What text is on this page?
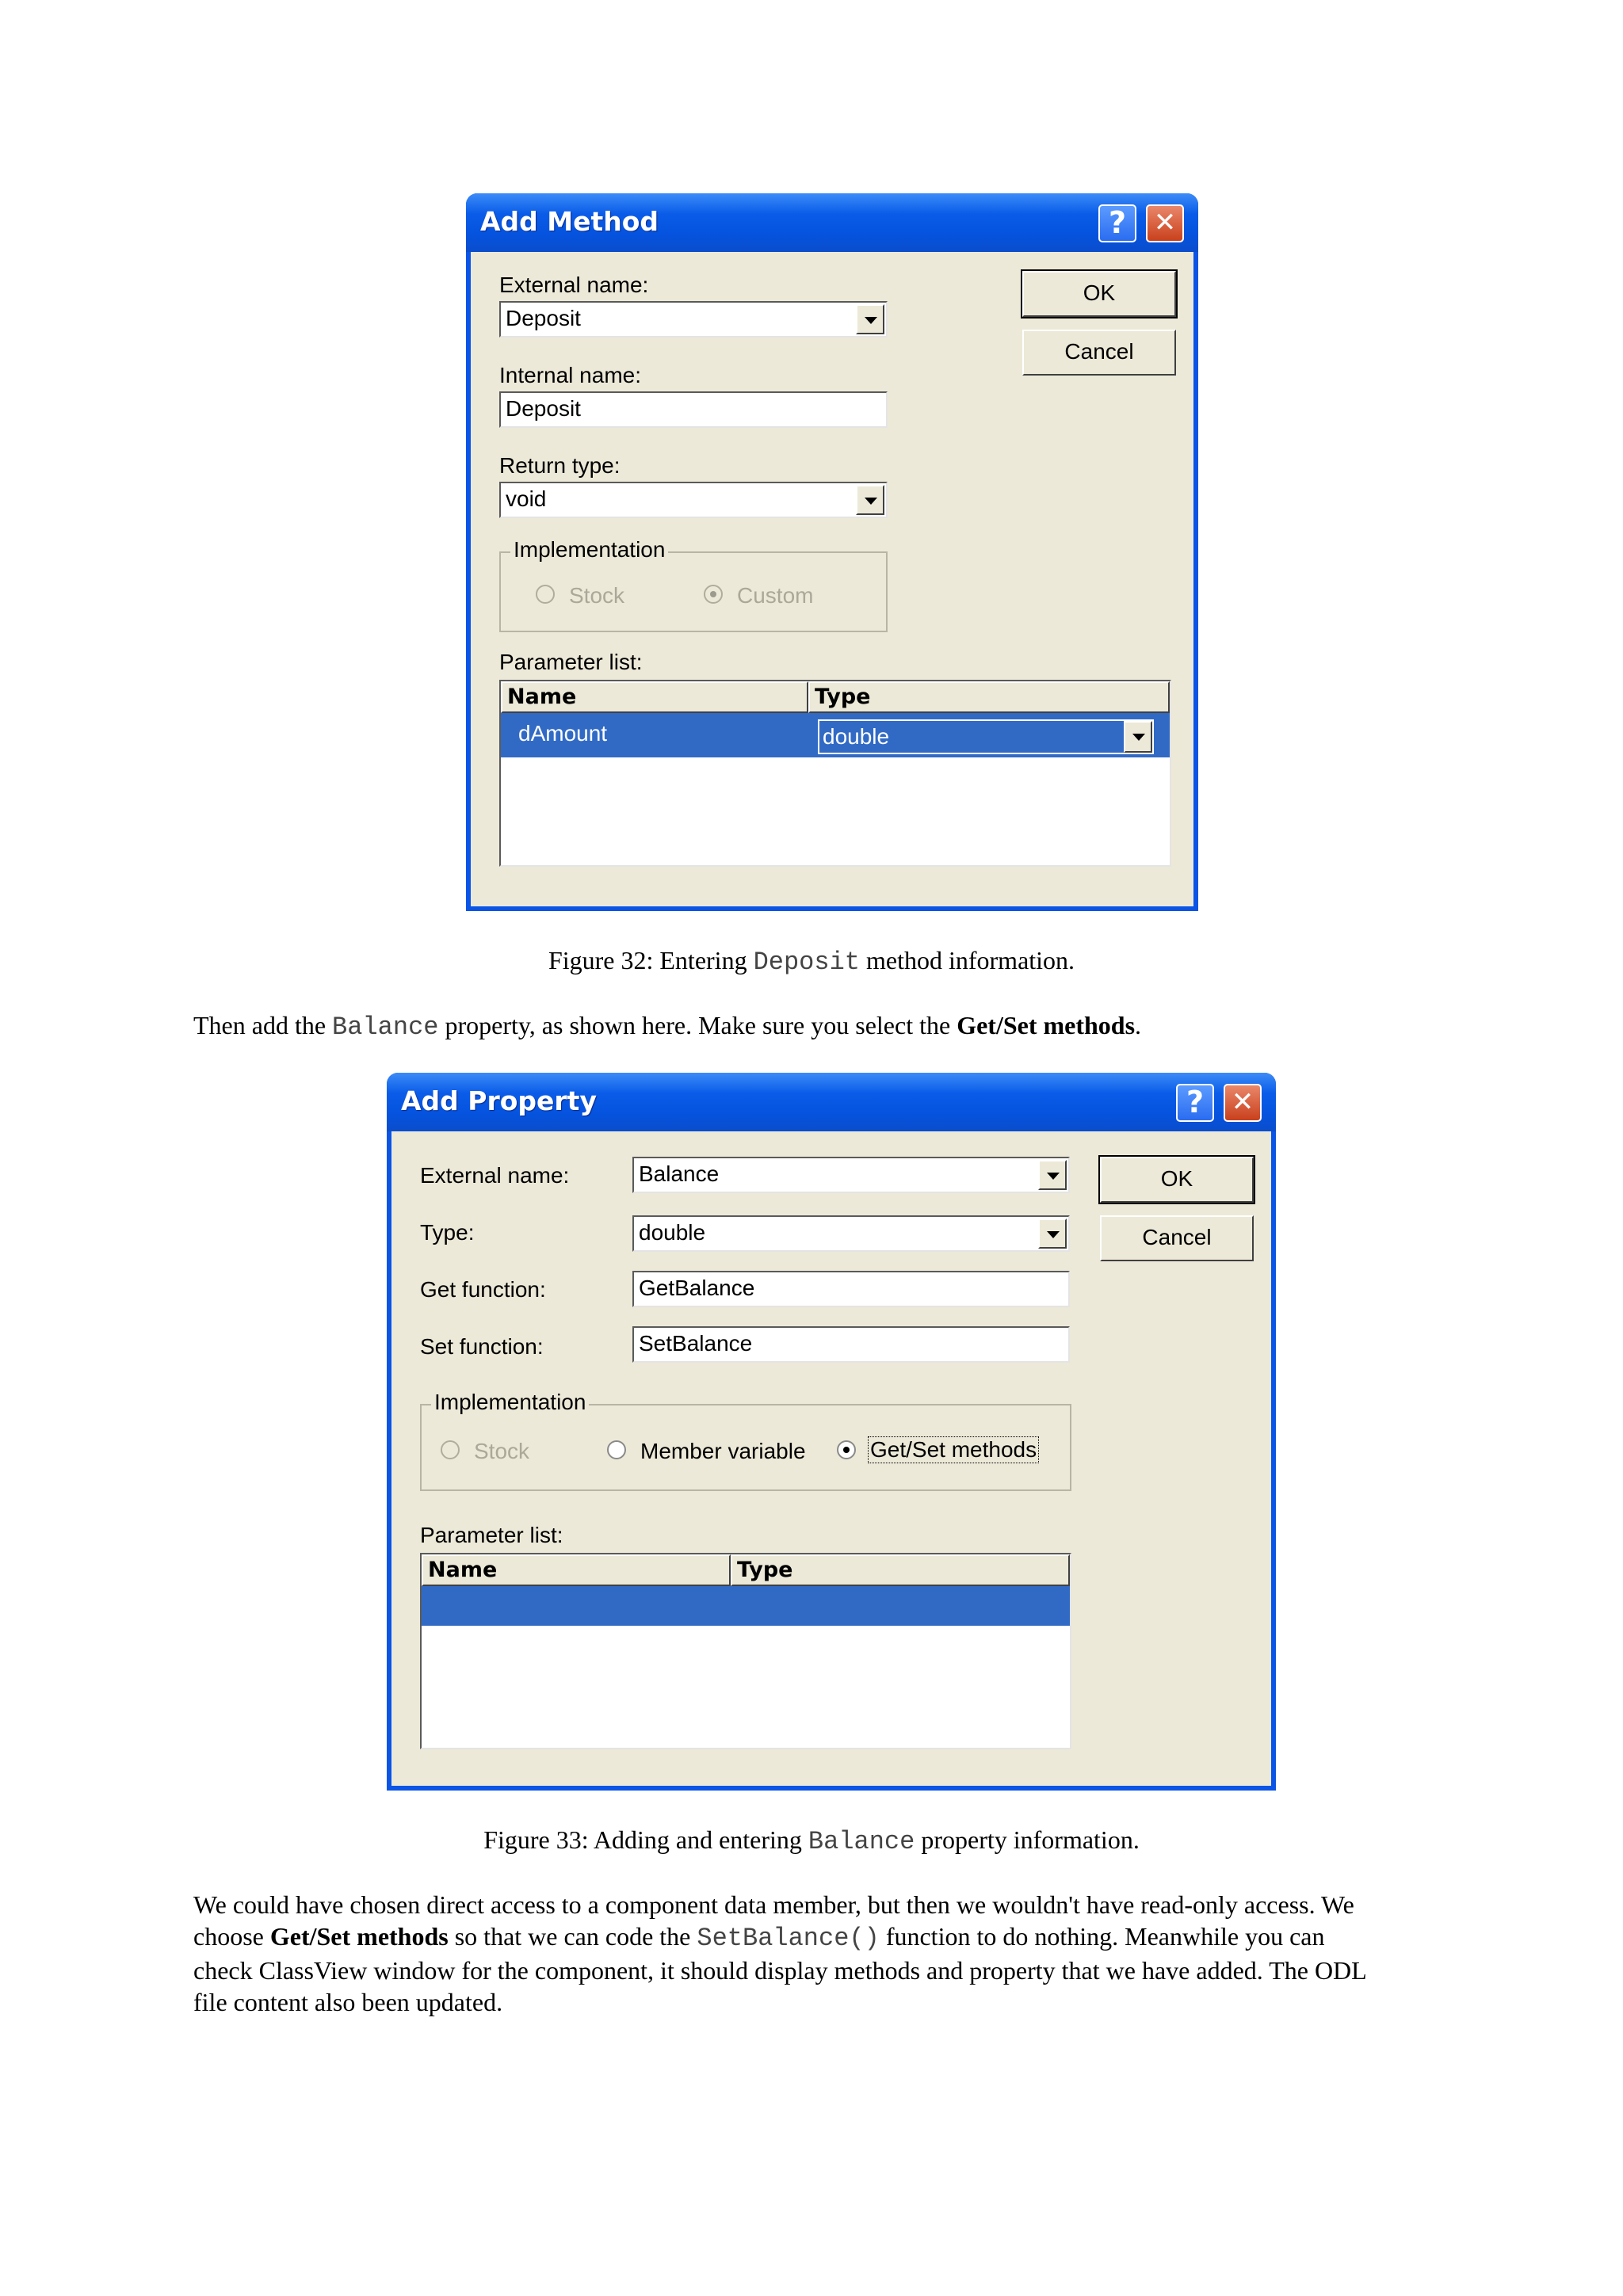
Add Method	?	✕
External name:
Deposit
Internal name:
Deposit
Return type:
void
Implementation
Stock	Custom
Parameter list:
Name	Type
dAmount	double
OK
Cancel
Figure 32: Entering Deposit method information.
Then add the Balance property, as shown here. Make sure you select the Get/Set methods.
Add Property	?	✕
External name:	Balance
Type:	double
Get function:	GetBalance
Set function:	SetBalance
Implementation
Stock	Member variable	Get/Set methods
Parameter list:
Name	Type
OK
Cancel
Figure 33: Adding and entering Balance property information.
We could have chosen direct access to a component data member, but then we wouldn't have read-only access. We
choose Get/Set methods so that we can code the SetBalance() function to do nothing. Meanwhile you can
check ClassView window for the component, it should display methods and property that we have added. The ODL
file content also been updated.
